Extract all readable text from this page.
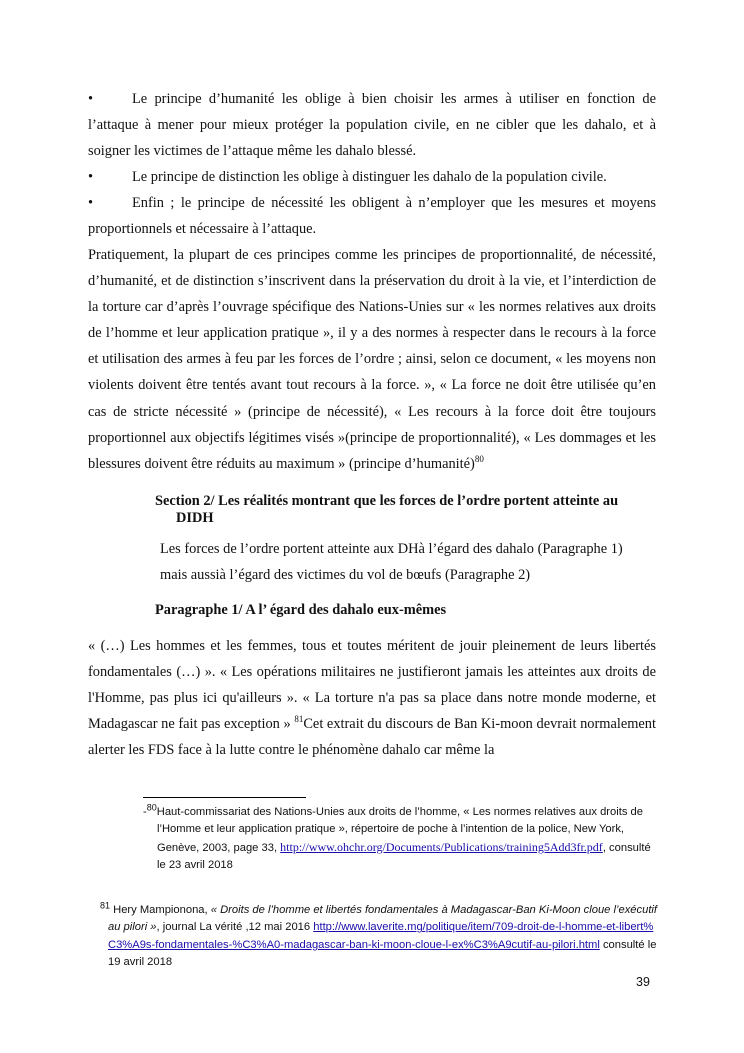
•	Le principe d’humanité les oblige à bien choisir les armes à utiliser en fonction de l’attaque à mener pour mieux protéger la population civile, en ne cibler que les dahalo, et à soigner les victimes de l’attaque même les dahalo blessé.
•	Le principe de distinction les oblige à distinguer les dahalo de la population civile.
•	Enfin ; le principe de nécessité les obligent à n’employer que les mesures et moyens proportionnels et nécessaire à l’attaque.
Pratiquement, la plupart de ces principes comme les principes de proportionnalité, de nécessité, d’humanité, et de distinction s’inscrivent dans la préservation du droit à la vie, et l’interdiction de la torture car d’après l’ouvrage spécifique des Nations-Unies sur « les normes relatives aux droits de l’homme et leur application pratique », il y a des normes à respecter dans le recours à la force et utilisation des armes à feu par les forces de l’ordre ; ainsi, selon ce document, « les moyens non violents doivent être tentés avant tout recours à la force. », « La force ne doit être utilisée qu’en cas de stricte nécessité » (principe de nécessité), « Les recours à la force doit être toujours proportionnel aux objectifs légitimes visés »(principe de proportionnalité), « Les dommages et les blessures doivent être réduits au maximum » (principe d’humanité)$^{80}$
Section 2/ Les réalités montrant que les forces de l’ordre portent atteinte au
DIDH
Les forces de l’ordre portent atteinte aux DHà l’égard des dahalo (Paragraphe 1)
mais aussià l’égard des victimes du vol de bœufs (Paragraphe 2)
Paragraphe 1/ A l’ égard des dahalo eux-mêmes
« (…) Les hommes et les femmes, tous et toutes méritent de jouir pleinement de leurs libertés fondamentales (…) ». « Les opérations militaires ne justifieront jamais les atteintes aux droits de l'Homme, pas plus ici qu'ailleurs ». « La torture n'a pas sa place dans notre monde moderne, et Madagascar ne fait pas exception » $^{81}$Cet extrait du discours de Ban Ki-moon devrait normalement alerter les FDS face à la lutte contre le phénomène dahalo car même la
-$^{80}$Haut-commissariat des Nations-Unies aux droits de l’homme, « Les normes relatives aux droits de l’Homme et leur application pratique », répertoire de poche à l’intention de la police, New York, Genève, 2003, page 33, http://www.ohchr.org/Documents/Publications/training5Add3fr.pdf, consulté le 23 avril 2018
$^{81}$ Hery Mampionona, « Droits de l’homme et libertés fondamentales à Madagascar-Ban Ki-Moon cloue l’exécutif au pilori », journal La vérité ,12 mai 2016 http://www.laverite.mg/politique/item/709-droit-de-l-homme-et-libert%C3%A9s-fondamentales-%C3%A0-madagascar-ban-ki-moon-cloue-l-ex%C3%A9cutif-au-pilori.html consulté le 19 avril 2018
39
